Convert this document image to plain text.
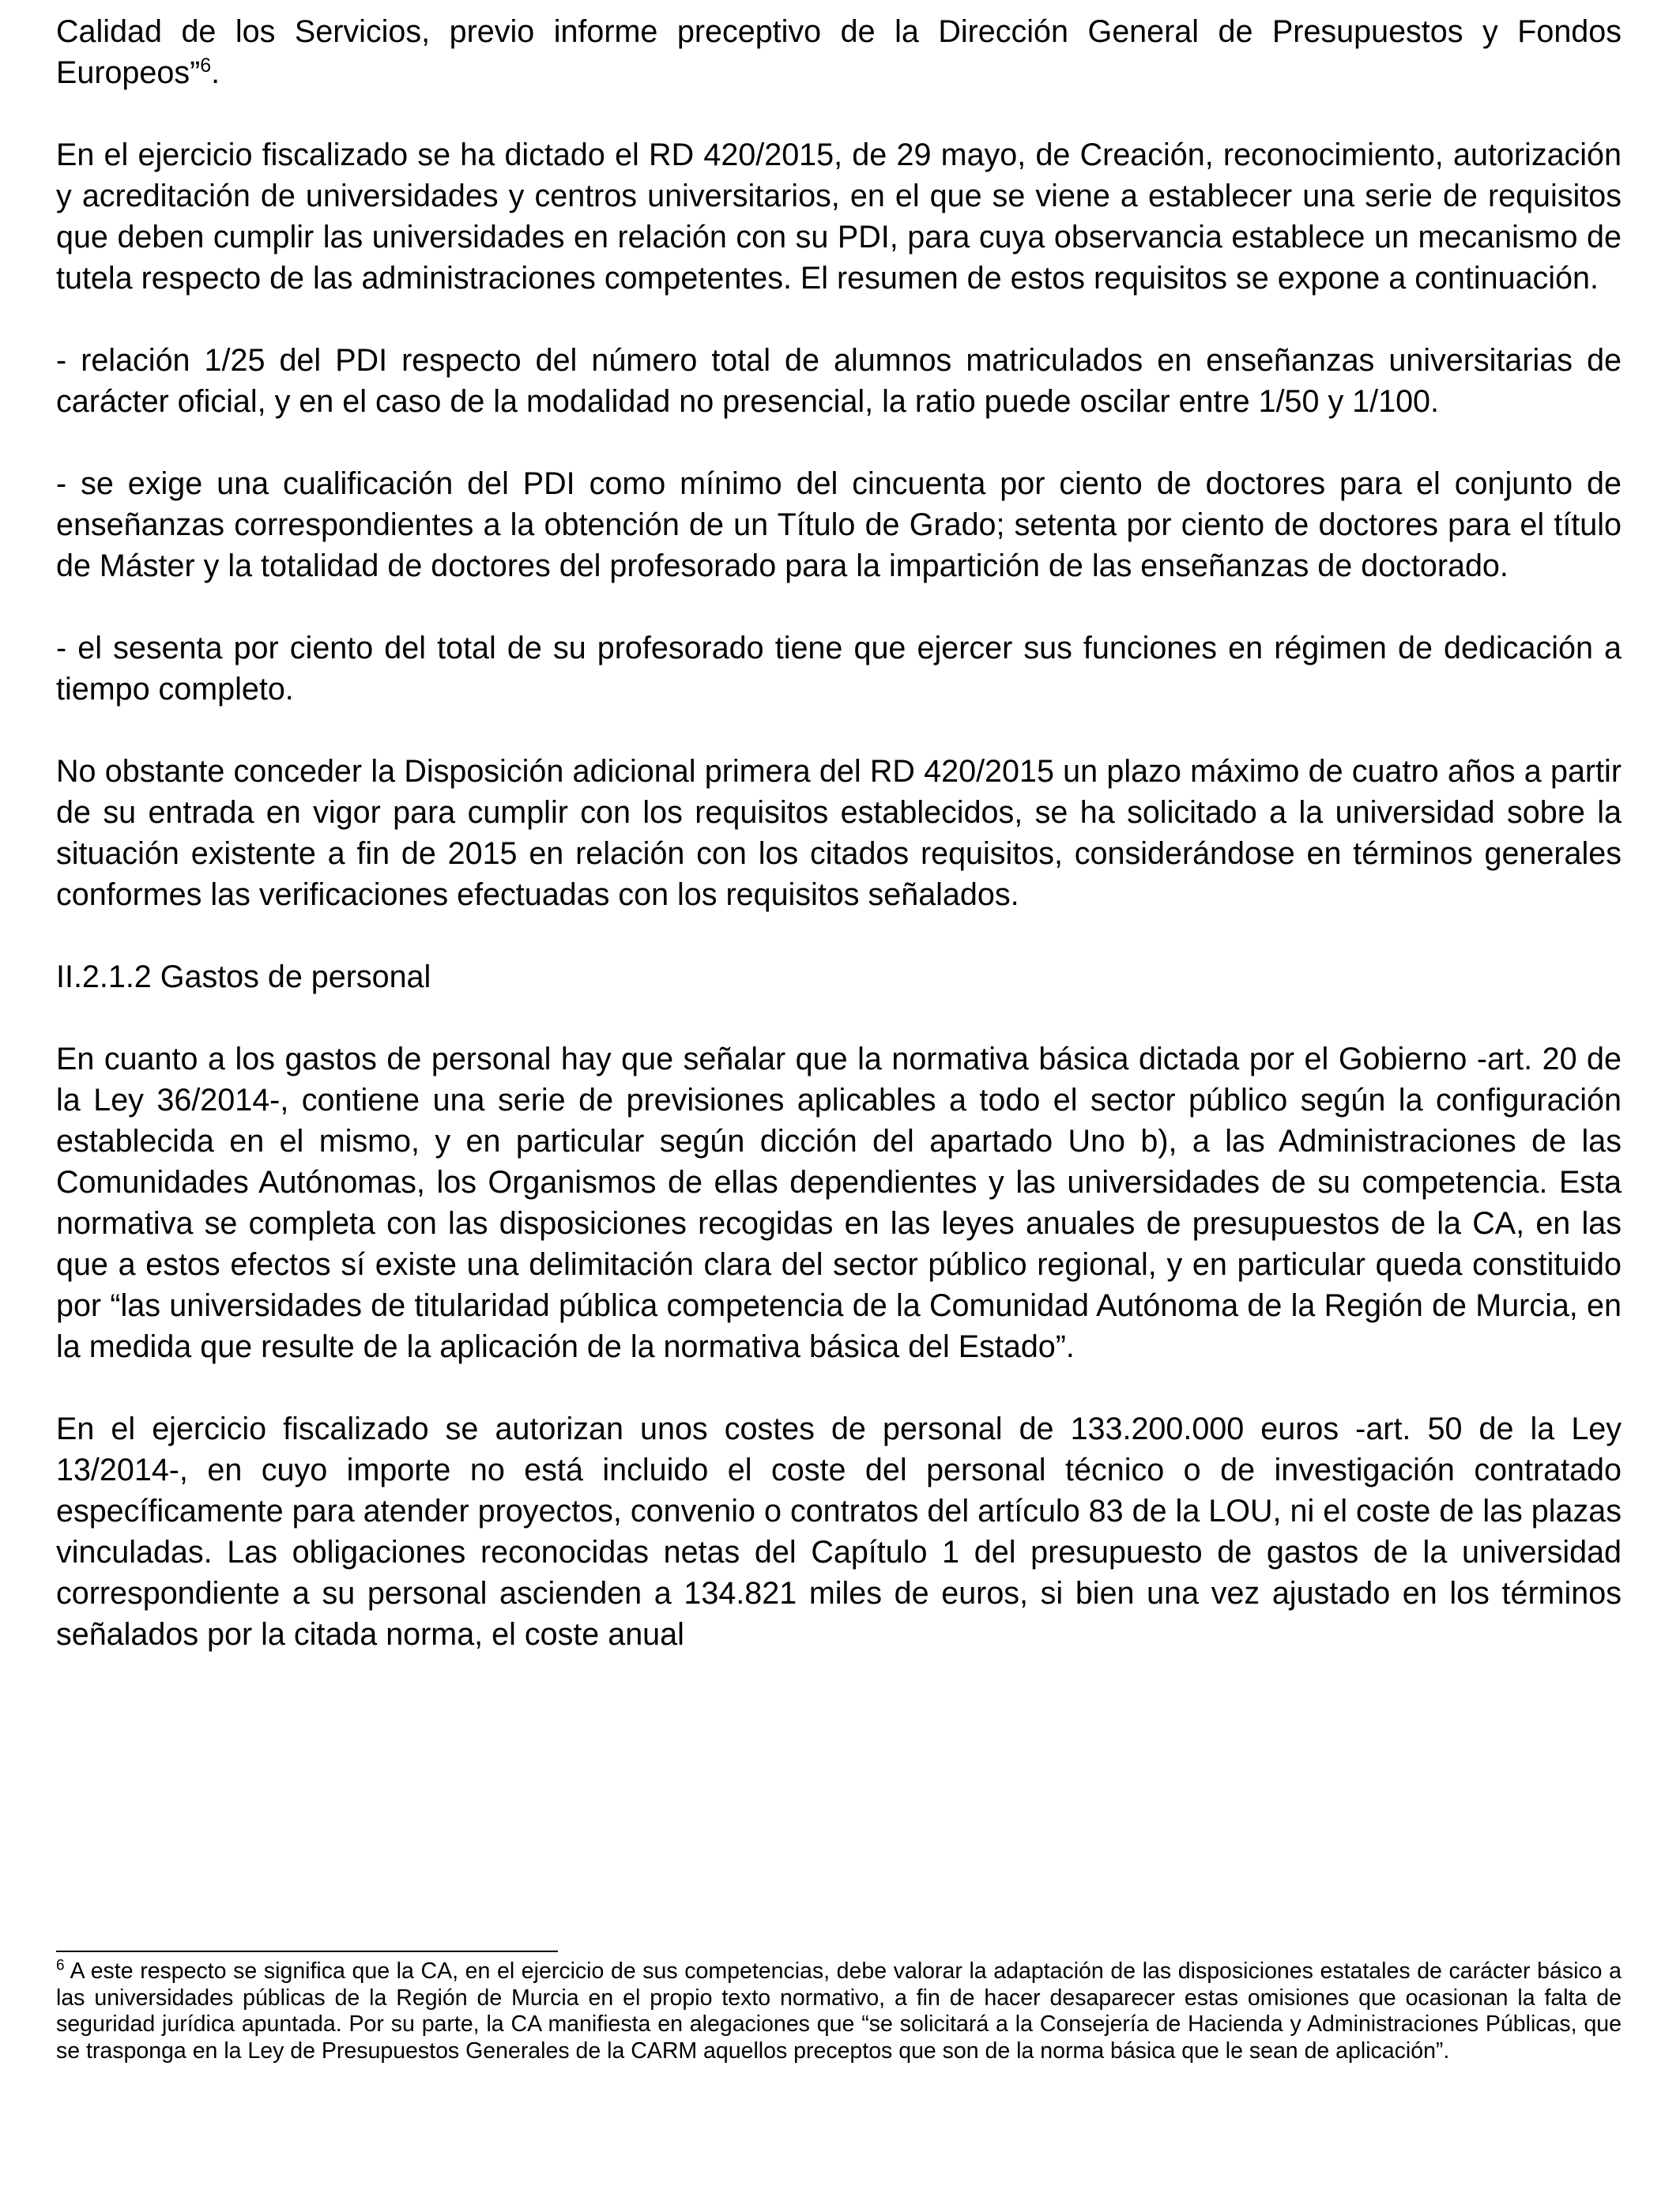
Calidad de los Servicios, previo informe preceptivo de la Dirección General de Presupuestos y Fondos Europeos”$^6$.

En el ejercicio fiscalizado se ha dictado el RD 420/2015, de 29 mayo, de Creación, reconocimiento, autorización y acreditación de universidades y centros universitarios, en el que se viene a establecer una serie de requisitos que deben cumplir las universidades en relación con su PDI, para cuya observancia establece un mecanismo de tutela respecto de las administraciones competentes. El resumen de estos requisitos se expone a continuación.

- relación 1/25 del PDI respecto del número total de alumnos matriculados en enseñanzas universitarias de carácter oficial, y en el caso de la modalidad no presencial, la ratio puede oscilar entre 1/50 y 1/100.

- se exige una cualificación del PDI como mínimo del cincuenta por ciento de doctores para el conjunto de enseñanzas correspondientes a la obtención de un Título de Grado; setenta por ciento de doctores para el título de Máster y la totalidad de doctores del profesorado para la impartición de las enseñanzas de doctorado.

- el sesenta por ciento del total de su profesorado tiene que ejercer sus funciones en régimen de dedicación a tiempo completo.

No obstante conceder la Disposición adicional primera del RD 420/2015 un plazo máximo de cuatro años a partir de su entrada en vigor para cumplir con los requisitos establecidos, se ha solicitado a la universidad sobre la situación existente a fin de 2015 en relación con los citados requisitos, considerándose en términos generales conformes las verificaciones efectuadas con los requisitos señalados.

II.2.1.2 Gastos de personal

En cuanto a los gastos de personal hay que señalar que la normativa básica dictada por el Gobierno -art. 20 de la Ley 36/2014-, contiene una serie de previsiones aplicables a todo el sector público según la configuración establecida en el mismo, y en particular según dicción del apartado Uno b), a las Administraciones de las Comunidades Autónomas, los Organismos de ellas dependientes y las universidades de su competencia. Esta normativa se completa con las disposiciones recogidas en las leyes anuales de presupuestos de la CA, en las que a estos efectos sí existe una delimitación clara del sector público regional, y en particular queda constituido por “las universidades de titularidad pública competencia de la Comunidad Autónoma de la Región de Murcia, en la medida que resulte de la aplicación de la normativa básica del Estado”.

En el ejercicio fiscalizado se autorizan unos costes de personal de 133.200.000 euros -art. 50 de la Ley 13/2014-, en cuyo importe no está incluido el coste del personal técnico o de investigación contratado específicamente para atender proyectos, convenio o contratos del artículo 83 de la LOU, ni el coste de las plazas vinculadas. Las obligaciones reconocidas netas del Capítulo 1 del presupuesto de gastos de la universidad correspondiente a su personal ascienden a 134.821 miles de euros, si bien una vez ajustado en los términos señalados por la citada norma, el coste anual

$^6$ A este respecto se significa que la CA, en el ejercicio de sus competencias, debe valorar la adaptación de las disposiciones estatales de carácter básico a las universidades públicas de la Región de Murcia en el propio texto normativo, a fin de hacer desaparecer estas omisiones que ocasionan la falta de seguridad jurídica apuntada. Por su parte, la CA manifiesta en alegaciones que “se solicitará a la Consejería de Hacienda y Administraciones Públicas, que se trasponga en la Ley de Presupuestos Generales de la CARM aquellos preceptos que son de la norma básica que le sean de aplicación”.
